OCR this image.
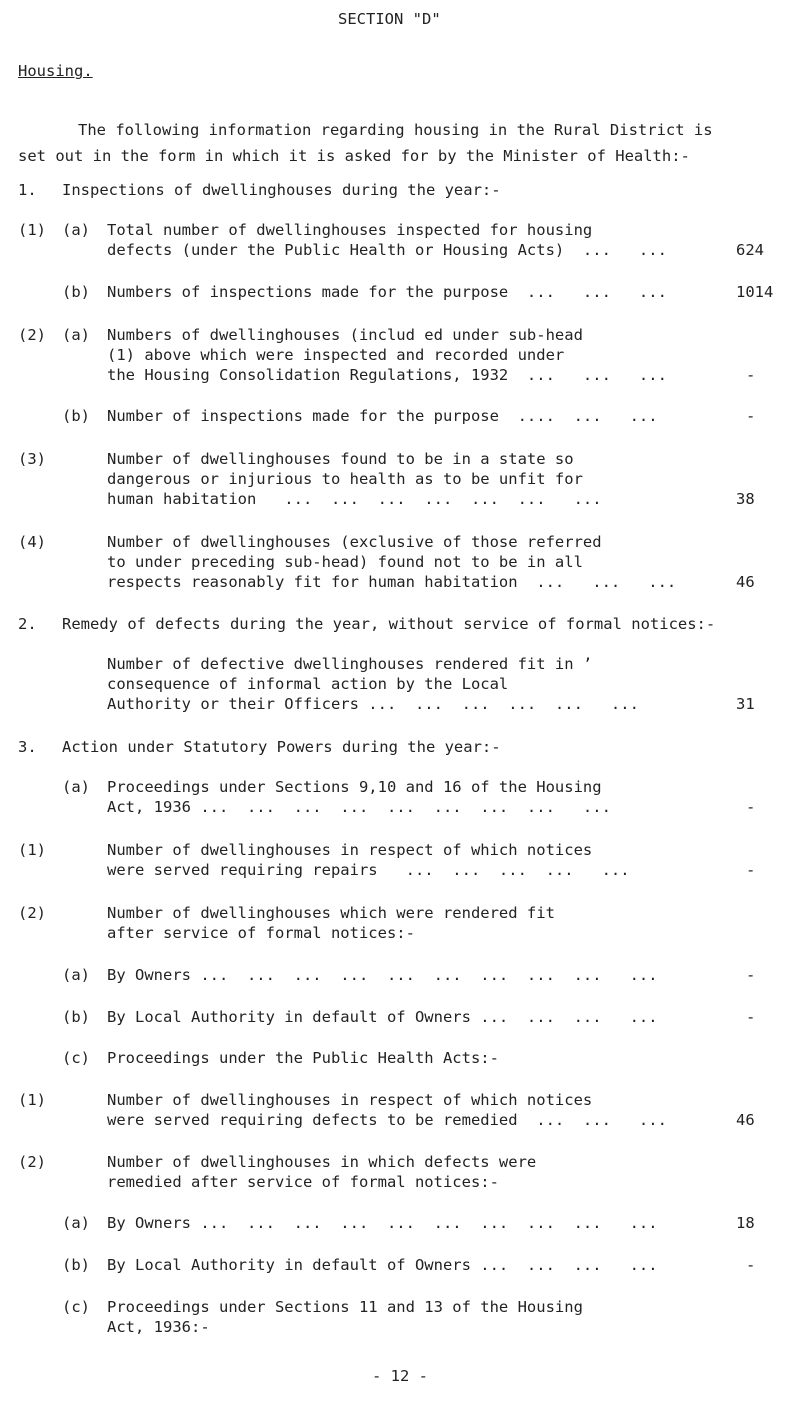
SECTION "D"
Housing.
The following information regarding housing in the Rural District is
set out in the form in which it is asked for by the Minister of Health:-
1. Inspections of dwellinghouses during the year:-
(1) (a) Total number of dwellinghouses inspected for housing
defects (under the Public Health or Housing Acts)  ...   ...	624
(b) Numbers of inspections made for the purpose  ...   ...   ...	1014
(2) (a) Numbers of dwellinghouses (includ ed under sub-head
(1) above which were inspected and recorded under
the Housing Consolidation Regulations, 1932  ...   ...   ...	-
(b) Number of inspections made for the purpose  ....  ...   ...	-
(3)	Number of dwellinghouses found to be in a state so
dangerous or injurious to health as to be unfit for
human habitation   ...  ...  ...  ...  ...  ...   ...	38
(4)	Number of dwellinghouses (exclusive of those referred
to under preceding sub-head) found not to be in all
respects reasonably fit for human habitation  ...   ...   ...	46
2. Remedy of defects during the year, without service of formal notices:-
Number of defective dwellinghouses rendered fit in ’
consequence of informal action by the Local
Authority or their Officers ...  ...  ...  ...  ...   ...	31
3. Action under Statutory Powers during the year:-
(a) Proceedings under Sections 9,10 and 16 of the Housing
Act, 1936 ...  ...  ...  ...  ...  ...  ...  ...   ...	-
(1)	Number of dwellinghouses in respect of which notices
were served requiring repairs   ...  ...  ...  ...   ...	-
(2)	Number of dwellinghouses which were rendered fit
after service of formal notices:-
(a) By Owners ...  ...  ...  ...  ...  ...  ...  ...  ...   ...	-
(b) By Local Authority in default of Owners ...  ...  ...   ...	-
(c) Proceedings under the Public Health Acts:-
(1)	Number of dwellinghouses in respect of which notices
were served requiring defects to be remedied  ...  ...   ...	46
(2)	Number of dwellinghouses in which defects were
remedied after service of formal notices:-
(a) By Owners ...  ...  ...  ...  ...  ...  ...  ...  ...   ...	18
(b) By Local Authority in default of Owners ...  ...  ...   ...	-
(c) Proceedings under Sections 11 and 13 of the Housing
Act, 1936:-
- 12 -
